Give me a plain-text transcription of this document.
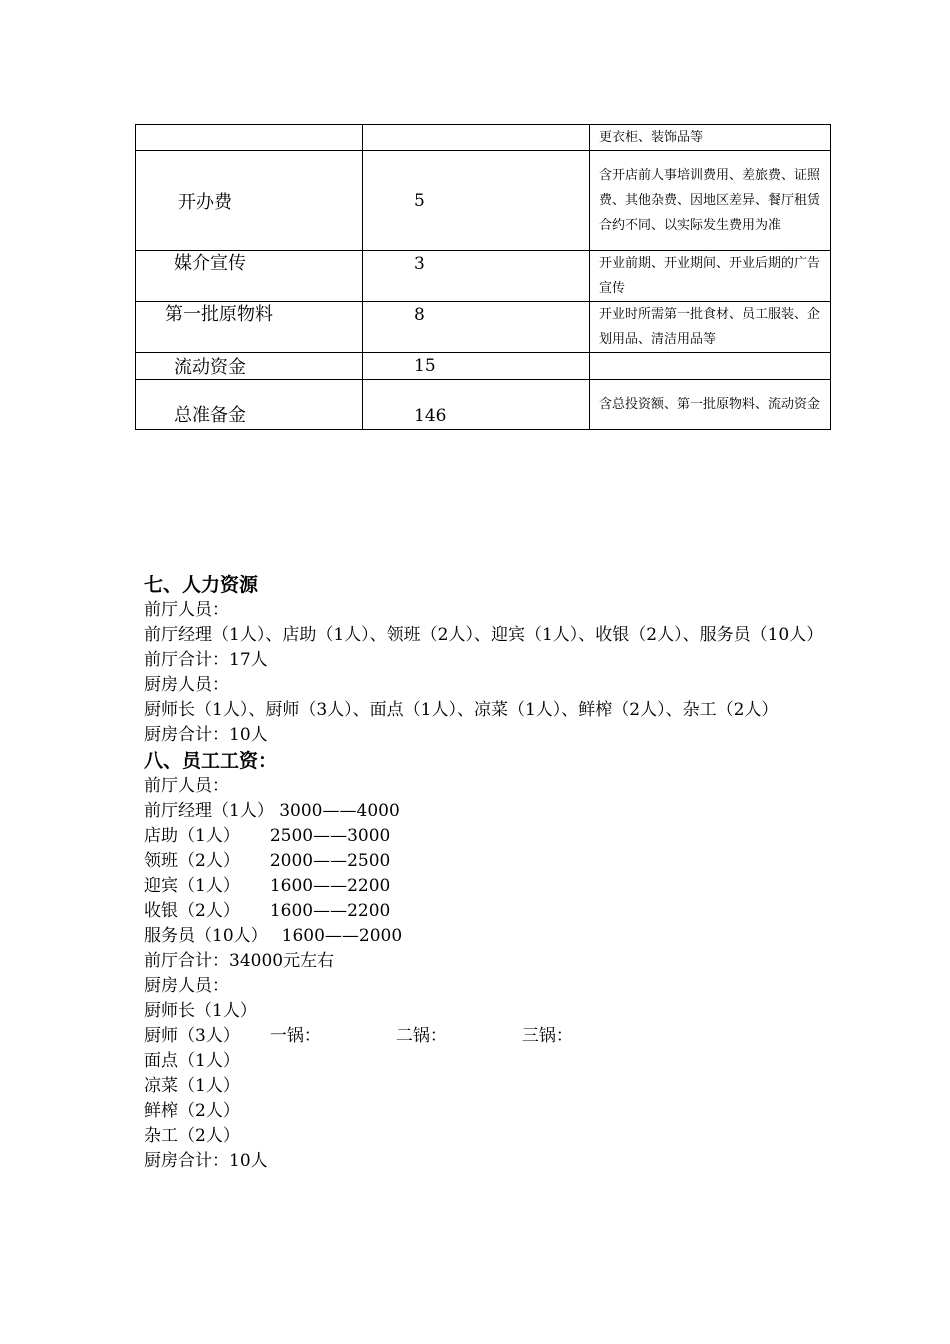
	更衣柜、装饰品等

开办费	5	含开店前人事培训费用、差旅费、证照费、其他杂费、因地区差异、餐厅租赁合约不同、以实际发生费用为准

媒介宣传	3	开业前期、开业期间、开业后期的广告宣传

第一批原物料	8	开业时所需第一批食材、员工服装、企划用品、清洁用品等

流动资金	15	

总准备金	146	含总投资额、第一批原物料、流动资金
七、人力资源
前厅人员：
前厅经理（1人）、店助（1人）、领班（2人）、迎宾（1人）、收银（2人）、服务员（10人）
前厅合计：17人
厨房人员：
厨师长（1人）、厨师（3人）、面点（1人）、凉菜（1人）、鲜榨（2人）、杂工（2人）
厨房合计：10人
八、员工工资：
前厅人员：
前厅经理（1人） 3000——4000
店助（1人） 2500——3000
领班（2人） 2000——2500
迎宾（1人） 1600——2200
收银（2人） 1600——2200
服务员（10人） 1600——2000
前厅合计：34000元左右
厨房人员：
厨师长（1人）
厨师（3人） 一锅：	二锅：	三锅：
面点（1人）
凉菜（1人）
鲜榨（2人）
杂工（2人）
厨房合计：10人
